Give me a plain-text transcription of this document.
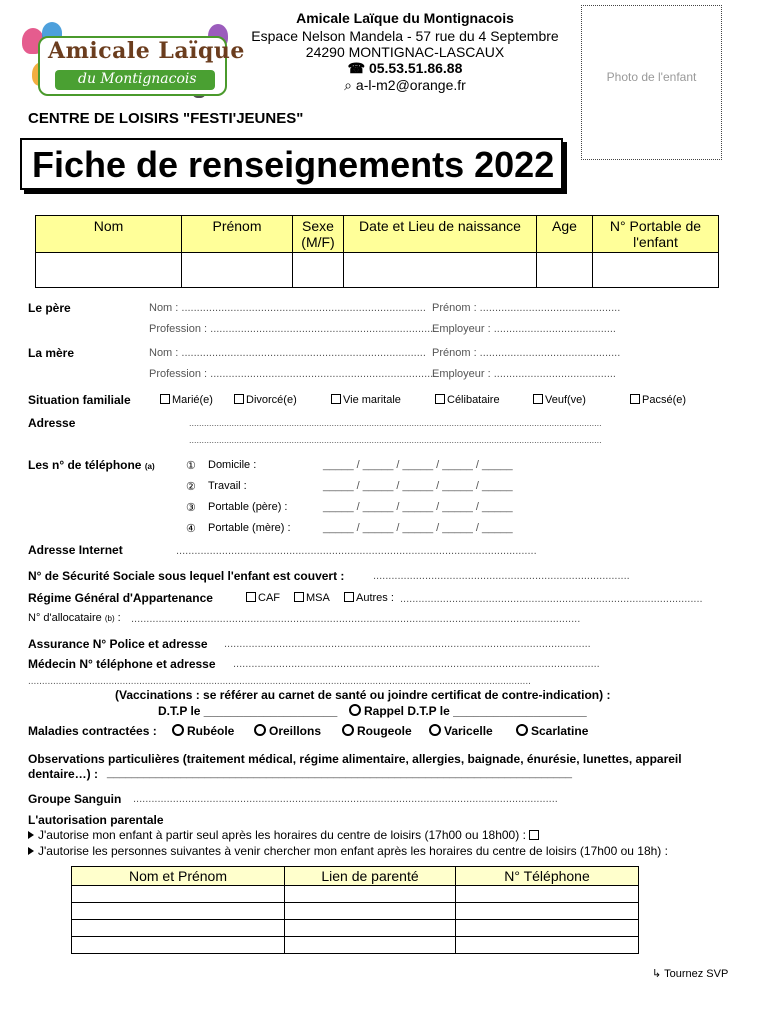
Amicale Laïque
du Montignacois
Amicale Laïque du Montignacois
Espace Nelson Mandela - 57 rue du 4 Septembre
24290 MONTIGNAC-LASCAUX
☎ 05.53.51.86.88
⌕ a-l-m2@orange.fr	Photo de l'enfant
CENTRE DE LOISIRS "FESTI'JEUNES"
Fiche de renseignements 2022
Nom	Prénom	Sexe (M/F)	Date et Lieu de naissance	Age	N° Portable de l'enfant

Le père	Nom : ................................................................................ Prénom : ..............................................
Profession : ..........................................................................
Employeur : ........................................
La mère	Nom : ................................................................................ Prénom : ..............................................
Profession : ..........................................................................
Employeur : ........................................
Situation familiale	Marié(e)	Divorcé(e)	Vie maritale	Célibataire	Veuf(ve)	Pacsé(e)
Adresse	.....................................................................................................................................................................
.....................................................................................................................................................................
Les n° de téléphone (a)	① Domicile :	_____ / _____ / _____ / _____ / _____
② Travail :	_____ / _____ / _____ / _____ / _____
③ Portable (père) :	_____ / _____ / _____ / _____ / _____
④ Portable (mère) :	_____ / _____ / _____ / _____ / _____
Adresse Internet	......................................................................................................................
N° de Sécurité Sociale sous lequel l'enfant est couvert :	....................................................................................
Régime Général d'Appartenance	CAF	MSA	Autres : ...................................................................................................
N° d'allocataire (b) : ...................................................................................................................................................
Assurance N° Police et adresse ........................................................................................................................
Médecin N° téléphone et adresse ........................................................................................................................
.....................................................................................................................................................................................
(Vaccinations : se référer au carnet de santé ou joindre certificat de contre-indication) :
D.T.P le ____________________	Rappel D.T.P le ____________________
Maladies contractées :	Rubéole	Oreillons	Rougeole	Varicelle	Scarlatine
Observations particulières (traitement médical, régime alimentaire, allergies, baignade, énurésie, lunettes, appareil
dentaire…) : ____________________________________________________________________________
Groupe Sanguin ...........................................................................................................................................
L'autorisation parentale
J'autorise mon enfant à partir seul après les horaires du centre de loisirs (17h00 ou 18h00) :
J'autorise les personnes suivantes à venir chercher mon enfant après les horaires du centre de loisirs (17h00 ou 18h) :
Nom et Prénom	Lien de parenté	N° Téléphone

↳ Tournez SVP
